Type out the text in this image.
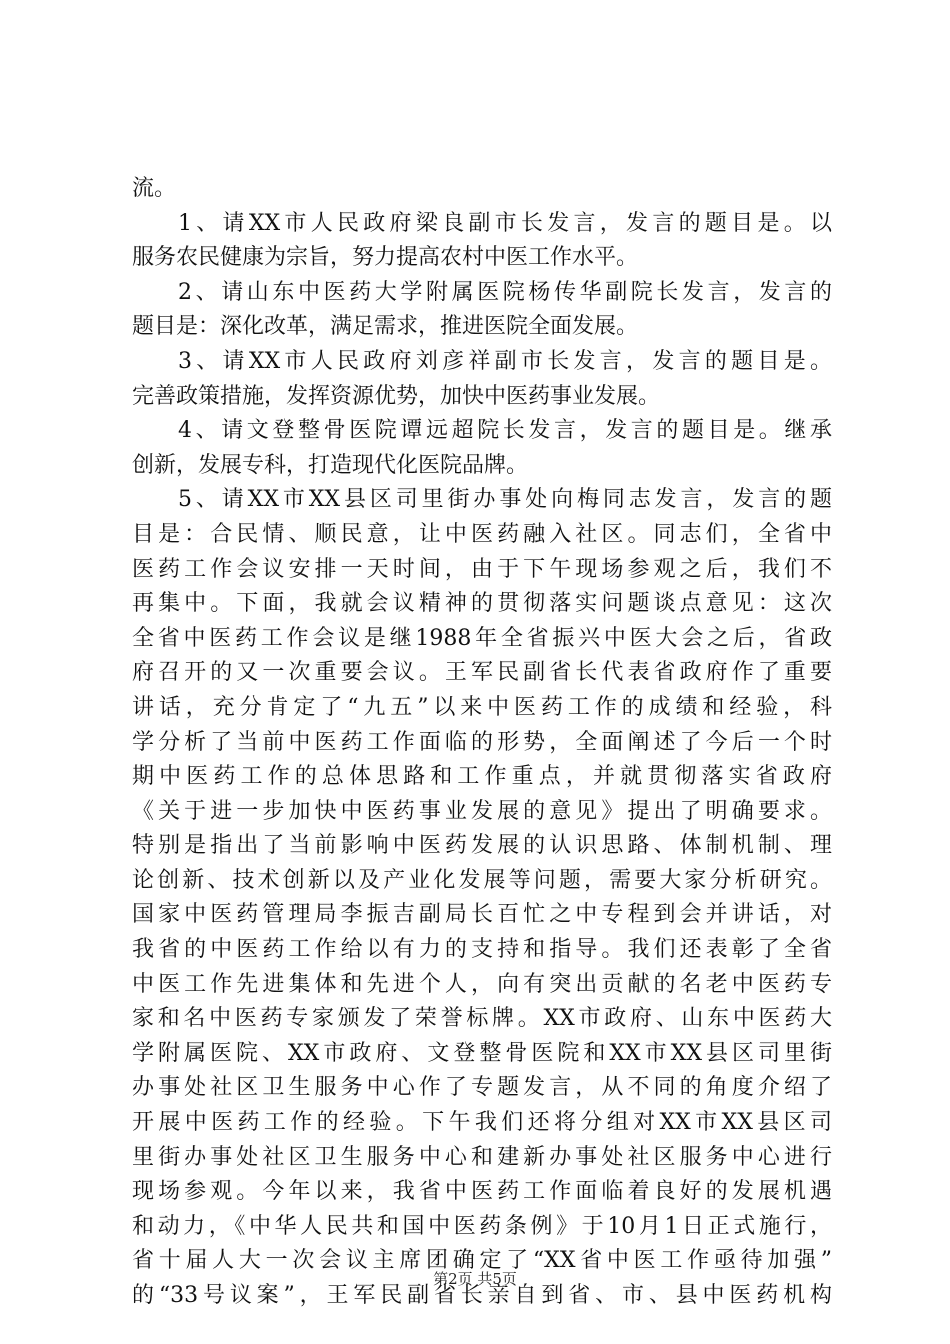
流。
1、请XX市人民政府梁良副市长发言，发言的题目是。以
服务农民健康为宗旨，努力提高农村中医工作水平。
2、请山东中医药大学附属医院杨传华副院长发言，发言的
题目是：深化改革，满足需求，推进医院全面发展。
3、请XX市人民政府刘彦祥副市长发言，发言的题目是。
完善政策措施，发挥资源优势，加快中医药事业发展。
4、请文登整骨医院谭远超院长发言，发言的题目是。继承
创新，发展专科，打造现代化医院品牌。
5、请XX市XX县区司里街办事处向梅同志发言，发言的题
目是：合民情、顺民意，让中医药融入社区。同志们，全省中
医药工作会议安排一天时间，由于下午现场参观之后，我们不
再集中。下面，我就会议精神的贯彻落实问题谈点意见：这次
全省中医药工作会议是继1988年全省振兴中医大会之后，省政
府召开的又一次重要会议。王军民副省长代表省政府作了重要
讲话，充分肯定了“九五”以来中医药工作的成绩和经验，科
学分析了当前中医药工作面临的形势，全面阐述了今后一个时
期中医药工作的总体思路和工作重点，并就贯彻落实省政府
《关于进一步加快中医药事业发展的意见》提出了明确要求。
特别是指出了当前影响中医药发展的认识思路、体制机制、理
论创新、技术创新以及产业化发展等问题，需要大家分析研究。
国家中医药管理局李振吉副局长百忙之中专程到会并讲话，对
我省的中医药工作给以有力的支持和指导。我们还表彰了全省
中医工作先进集体和先进个人，向有突出贡献的名老中医药专
家和名中医药专家颁发了荣誉标牌。XX市政府、山东中医药大
学附属医院、XX市政府、文登整骨医院和XX市XX县区司里街
办事处社区卫生服务中心作了专题发言，从不同的角度介绍了
开展中医药工作的经验。下午我们还将分组对XX市XX县区司
里街办事处社区卫生服务中心和建新办事处社区服务中心进行
现场参观。今年以来，我省中医药工作面临着良好的发展机遇
和动力，《中华人民共和国中医药条例》于10月1日正式施行，
省十届人大一次会议主席团确定了“XX省中医工作亟待加强”
的“33号议案”，王军民副省长亲自到省、市、县中医药机构
第2页 共5页
